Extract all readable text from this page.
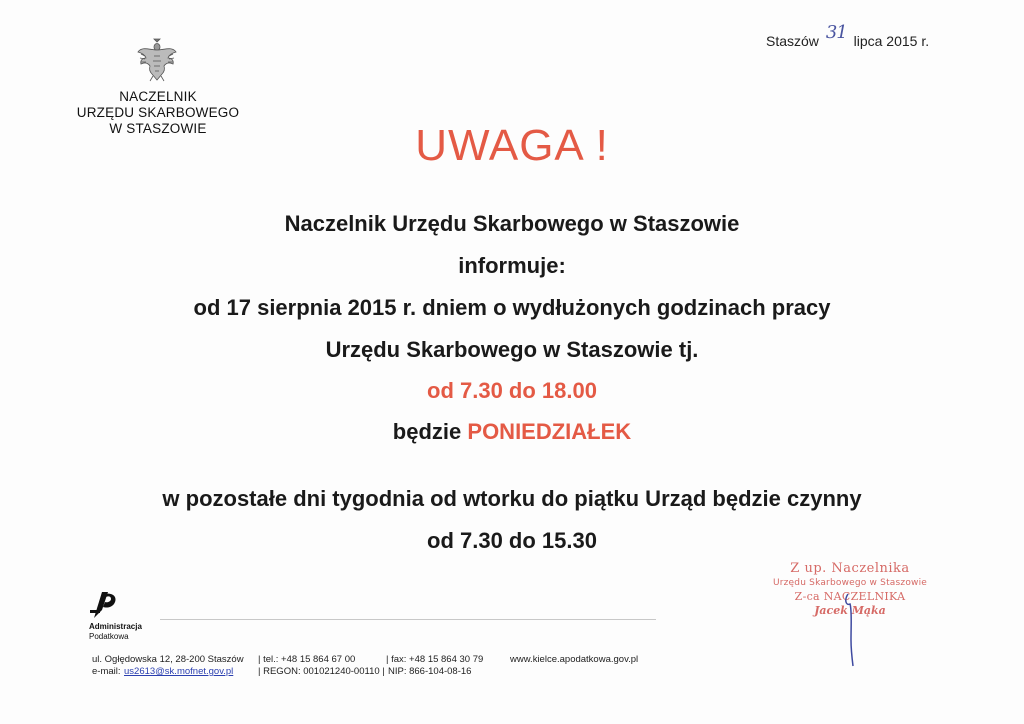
NACZELNIK
URZĘDU SKARBOWEGO
W STASZOWIE
Staszów 31 lipca 2015 r.
UWAGA !
Naczelnik Urzędu Skarbowego w Staszowie
informuje:
od 17 sierpnia 2015 r. dniem o wydłużonych godzinach pracy
Urzędu Skarbowego w Staszowie tj.
od 7.30 do 18.00
będzie PONIEDZIAŁEK
w pozostałe dni tygodnia od wtorku do piątku Urząd będzie czynny
od 7.30 do 15.30
Administracja
Podatkowa
ul. Ogłędowska 12, 28-200 Staszów | tel.: +48 15 864 67 00	| fax: +48 15 864 30 79	www.kielce.apodatkowa.gov.pl
e-mail: us2613@sk.mofnet.gov.pl	| REGON: 001021240-00110 | NIP: 866-104-08-16
Z up. Naczelnika
Urzędu Skarbowego w Staszowie
Z-ca NACZELNIKA
Jacek Mąka
